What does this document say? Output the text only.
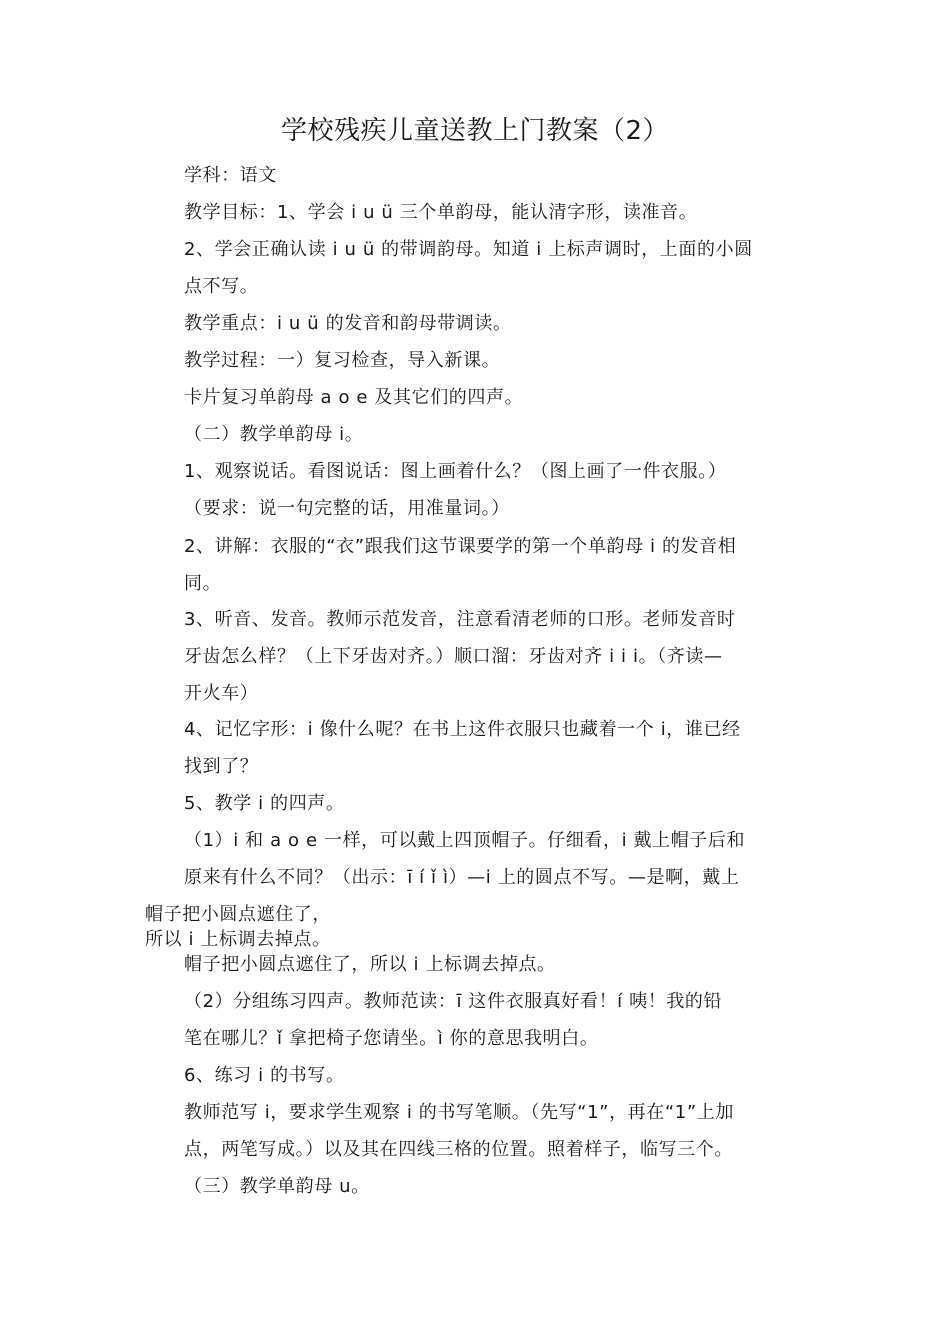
学校残疾儿童送教上门教案（2）

学科：语文

教学目标：1、学会 i u ü 三个单韵母，能认清字形，读准音。

2、学会正确认读 i u ü 的带调韵母。知道 i 上标声调时，上面的小圆

点不写。

教学重点：i u ü 的发音和韵母带调读。

教学过程：一）复习检查，导入新课。

卡片复习单韵母 a o e 及其它们的四声。

（二）教学单韵母 i。

1、观察说话。看图说话：图上画着什么？（图上画了一件衣服。）

（要求：说一句完整的话，用准量词。）

2、讲解：衣服的“衣”跟我们这节课要学的第一个单韵母 i 的发音相

同。

3、听音、发音。教师示范发音，注意看清老师的口形。老师发音时

牙齿怎么样？（上下牙齿对齐。）顺口溜：牙齿对齐 i i i。（齐读—

开火车）

4、记忆字形：i 像什么呢？在书上这件衣服只也藏着一个 i，谁已经

找到了？

5、教学 i 的四声。

（1）i 和 a o e 一样，可以戴上四顶帽子。仔细看，i 戴上帽子后和

原来有什么不同？（出示：ī í ǐ ì）—i 上的圆点不写。—是啊，戴上

帽子把小圆点遮住了，

所以 i 上标调去掉点。

帽子把小圆点遮住了，所以 i 上标调去掉点。

（2）分组练习四声。教师范读：ī 这件衣服真好看！í 咦！我的铅

笔在哪儿？ǐ 拿把椅子您请坐。ì 你的意思我明白。

6、练习 i 的书写。

教师范写 i，要求学生观察 i 的书写笔顺。（先写“1”，再在“1”上加

点，两笔写成。）以及其在四线三格的位置。照着样子，临写三个。

（三）教学单韵母 u。
